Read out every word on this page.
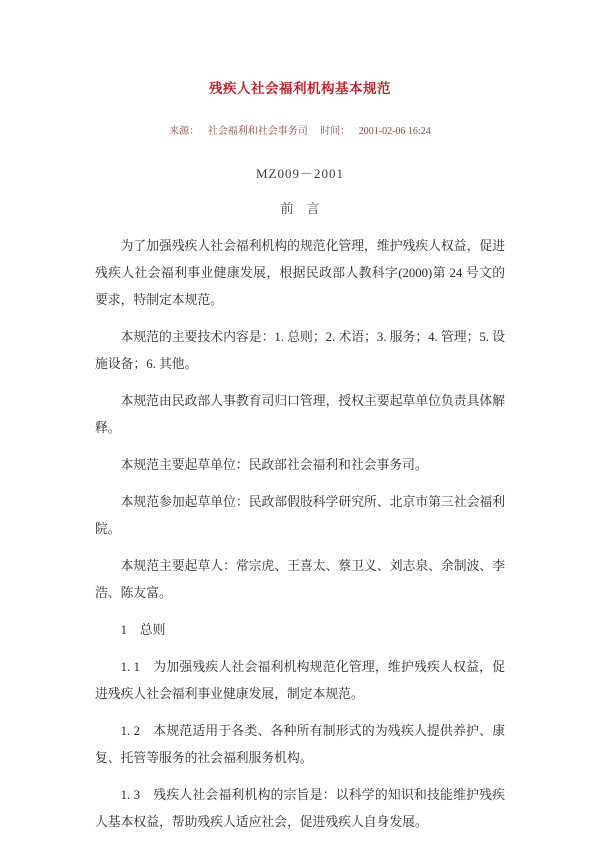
残疾人社会福利机构基本规范
来源： 社会福利和社会事务司 时间： 2001-02-06 16:24
MZ009－2001
前　言

为了加强残疾人社会福利机构的规范化管理，维护残疾人权益，促进残疾人社会福利事业健康发展，根据民政部人教科字(2000)第 24 号文的要求，特制定本规范。

本规范的主要技术内容是：1. 总则；2. 术语；3. 服务；4. 管理；5. 设施设备；6. 其他。

本规范由民政部人事教育司归口管理，授权主要起草单位负责具体解释。

本规范主要起草单位：民政部社会福利和社会事务司。

本规范参加起草单位：民政部假肢科学研究所、北京市第三社会福利院。

本规范主要起草人：常宗虎、王喜太、蔡卫义、刘志泉、余制波、李浩、陈友富。

1　总则

1. 1　为加强残疾人社会福利机构规范化管理，维护残疾人权益，促进残疾人社会福利事业健康发展，制定本规范。

1. 2　本规范适用于各类、各种所有制形式的为残疾人提供养护、康复、托管等服务的社会福利服务机构。

1. 3　残疾人社会福利机构的宗旨是：以科学的知识和技能维护残疾人基本权益，帮助残疾人适应社会，促进残疾人自身发展。
